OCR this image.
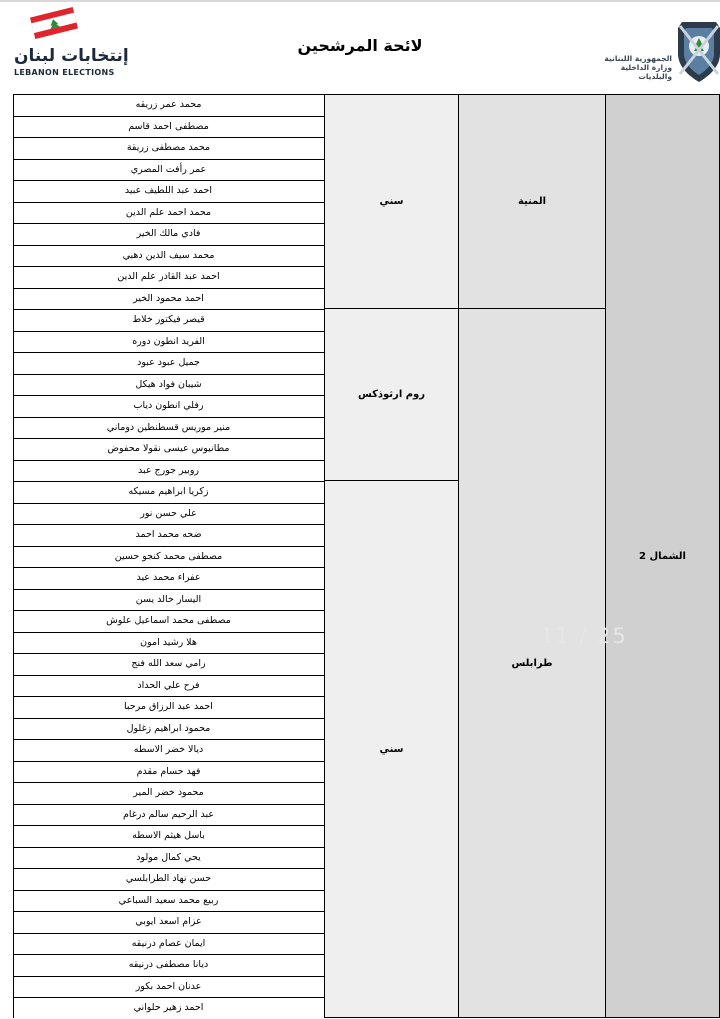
إنتخابات لبنان
LEBANON ELECTIONS
لائحة المرشحين
الجمهورية اللبنانية
وزارة الداخلية
والبلديات
محمد عمر زريقه
مصطفى احمد قاسم
محمد مصطفى زريقة
عمر رأفت المصري
احمد عبد اللطيف عبيد
محمد احمد علم الدين
فادي مالك الخير
محمد سيف الدين دهبي
احمد عبد القادر علم الدين
احمد محمود الخير
قيصر فيكتور خلاط
الفريد انطون دوره
جميل عبود عبود
شيبان فواد هيكل
رفلي انطون دياب
منير موريس قسطنطين دوماني
مطانيوس عيسى نقولا محفوض
روبير جورج عبد
زكريا ابراهيم مسيكه
علي حسن نور
ضحه محمد احمد
مصطفى محمد كنجو حسين
عفراء محمد عيد
اليسار خالد يسن
مصطفى محمد اسماعيل علوش
هلا رشيد امون
رامي سعد الله فنج
فرح علي الحداد
احمد عبد الرزاق مرحبا
محمود ابراهيم زغلول
ديالا خضر الاسطه
فهد حسام مقدم
محمود خضر المير
عبد الرحيم سالم درغام
باسل هيثم الاسطه
يحي كمال مولود
حسن نهاد الطرابلسي
ربيع محمد سعيد السباعي
عزام اسعد ايوبي
ايمان عصام درنيقه
ديانا مصطفى درنيقه
عدنان احمد بكور
احمد زهير حلواني
سني
روم ارثوذكس
سني
المنية
طرابلس
الشمال 2
11 / 25
